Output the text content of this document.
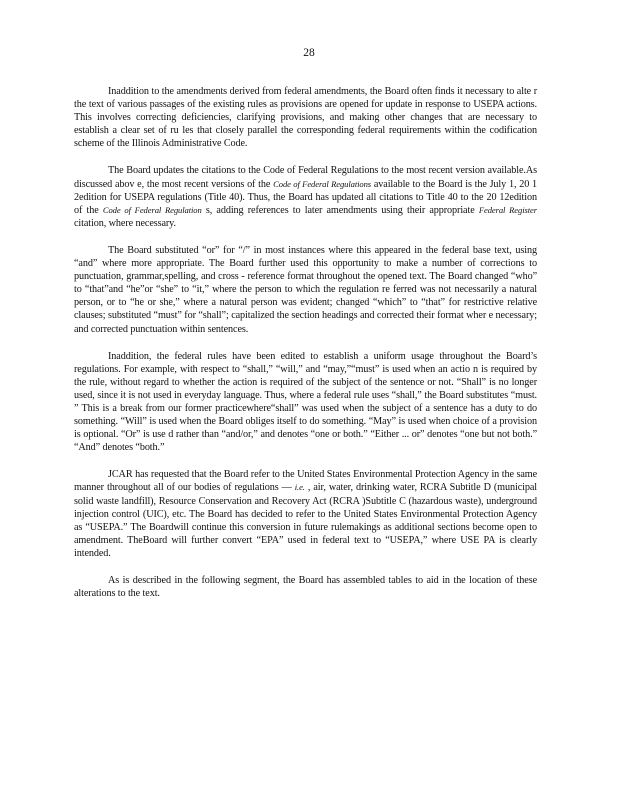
28

Inaddition to the amendments derived from federal amendments, the Board often finds it necessary to alte r the text of various passages of the existing rules as provisions are opened for update in response to USEPA actions. This involves correcting deficiencies, clarifying provisions, and making other changes that are necessary to establish a clear set of ru les that closely parallel the corresponding federal requirements within the codification scheme of the Illinois Administrative Code.

The Board updates the citations to the Code of Federal Regulations to the most recent version available.As discussed abov e, the most recent versions of the Code of Federal Regulations available to the Board is the July 1, 20 1 2edition for USEPA regulations (Title 40). Thus, the Board has updated all citations to Title 40 to the 20 12edition of the Code of Federal Regulation s, adding references to later amendments using their appropriate Federal Register citation, where necessary.

The Board substituted “or” for “/” in most instances where this appeared in the federal base text, using “and” where more appropriate. The Board further used this opportunity to make a number of corrections to punctuation, grammar,spelling, and cross - reference format throughout the opened text. The Board changed “who” to “that”and “he”or “she” to “it,” where the person to which the regulation re ferred was not necessarily a natural person, or to “he or she,” where a natural person was evident; changed “which” to “that” for restrictive relative clauses; substituted “must” for “shall”; capitalized the section headings and corrected their format wher e necessary; and corrected punctuation within sentences.

Inaddition, the federal rules have been edited to establish a uniform usage throughout the Board’s regulations. For example, with respect to “shall,” “will,” and “may,”“must” is used when an actio n is required by the rule, without regard to whether the action is required of the subject of the sentence or not. “Shall” is no longer used, since it is not used in everyday language. Thus, where a federal rule uses “shall,” the Board substitutes “must. ” This is a break from our former practicewhere“shall” was used when the subject of a sentence has a duty to do something. “Will” is used when the Board obliges itself to do something. “May” is used when choice of a provision is optional. “Or” is use d rather than “and/or,” and denotes “one or both.” “Either ... or” denotes “one but not both.” “And” denotes “both.”

JCAR has requested that the Board refer to the United States Environmental Protection Agency in the same manner throughout all of our bodies of regulations — i.e. , air, water, drinking water, RCRA Subtitle D (municipal solid waste landfill), Resource Conservation and Recovery Act (RCRA )Subtitle C (hazardous waste), underground injection control (UIC), etc. The Board has decided to refer to the United States Environmental Protection Agency as “USEPA.” The Boardwill continue this conversion in future rulemakings as additional sections become open to amendment. TheBoard will further convert “EPA” used in federal text to “USEPA,” where USE PA is clearly intended.

As is described in the following segment, the Board has assembled tables to aid in the location of these alterations to the text.
